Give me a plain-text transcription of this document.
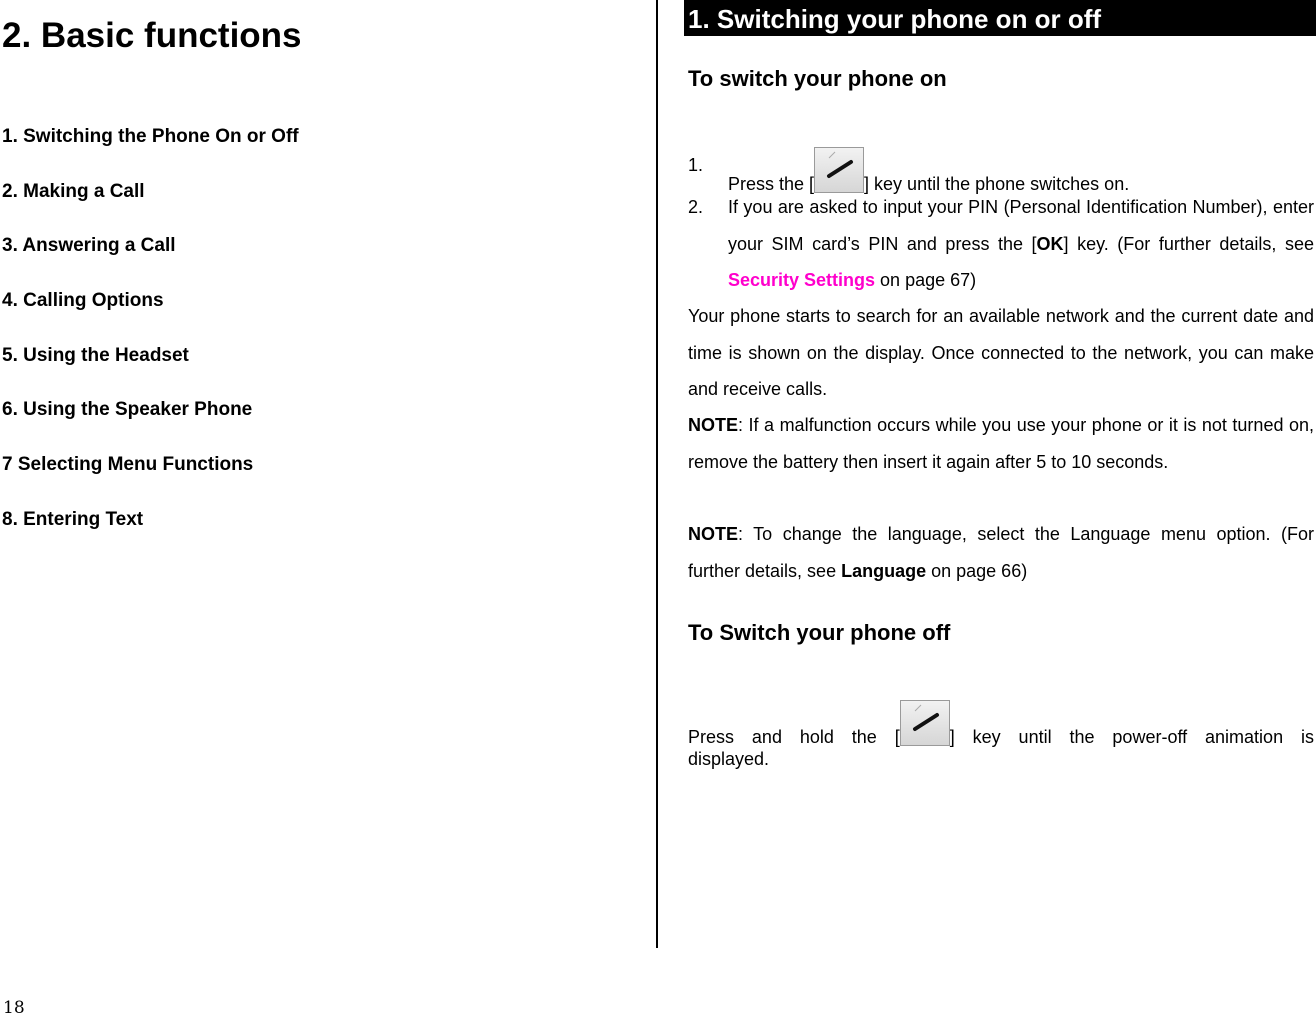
2. Basic functions
1. Switching the Phone On or Off
2. Making a Call
3. Answering a Call
4. Calling Options
5. Using the Headset
6. Using the Speaker Phone
7 Selecting Menu Functions
8. Entering Text
1. Switching your phone on or off
To switch your phone on
1.
Press the [	] key until the phone switches on.
2. If you are asked to input your PIN (Personal Identification Number), enter your SIM card’s PIN and press the [OK] key. (For further details, see Security Settings on page 67)

Your phone starts to search for an available network and the current date and time is shown on the display. Once connected to the network, you can make and receive calls.

NOTE: If a malfunction occurs while you use your phone or it is not turned on, remove the battery then insert it again after 5 to 10 seconds.

NOTE: To change the language, select the Language menu option. (For further details, see Language on page 66)

To Switch your phone off
Press and hold the [	] key until the power-off animation is

displayed.

18
